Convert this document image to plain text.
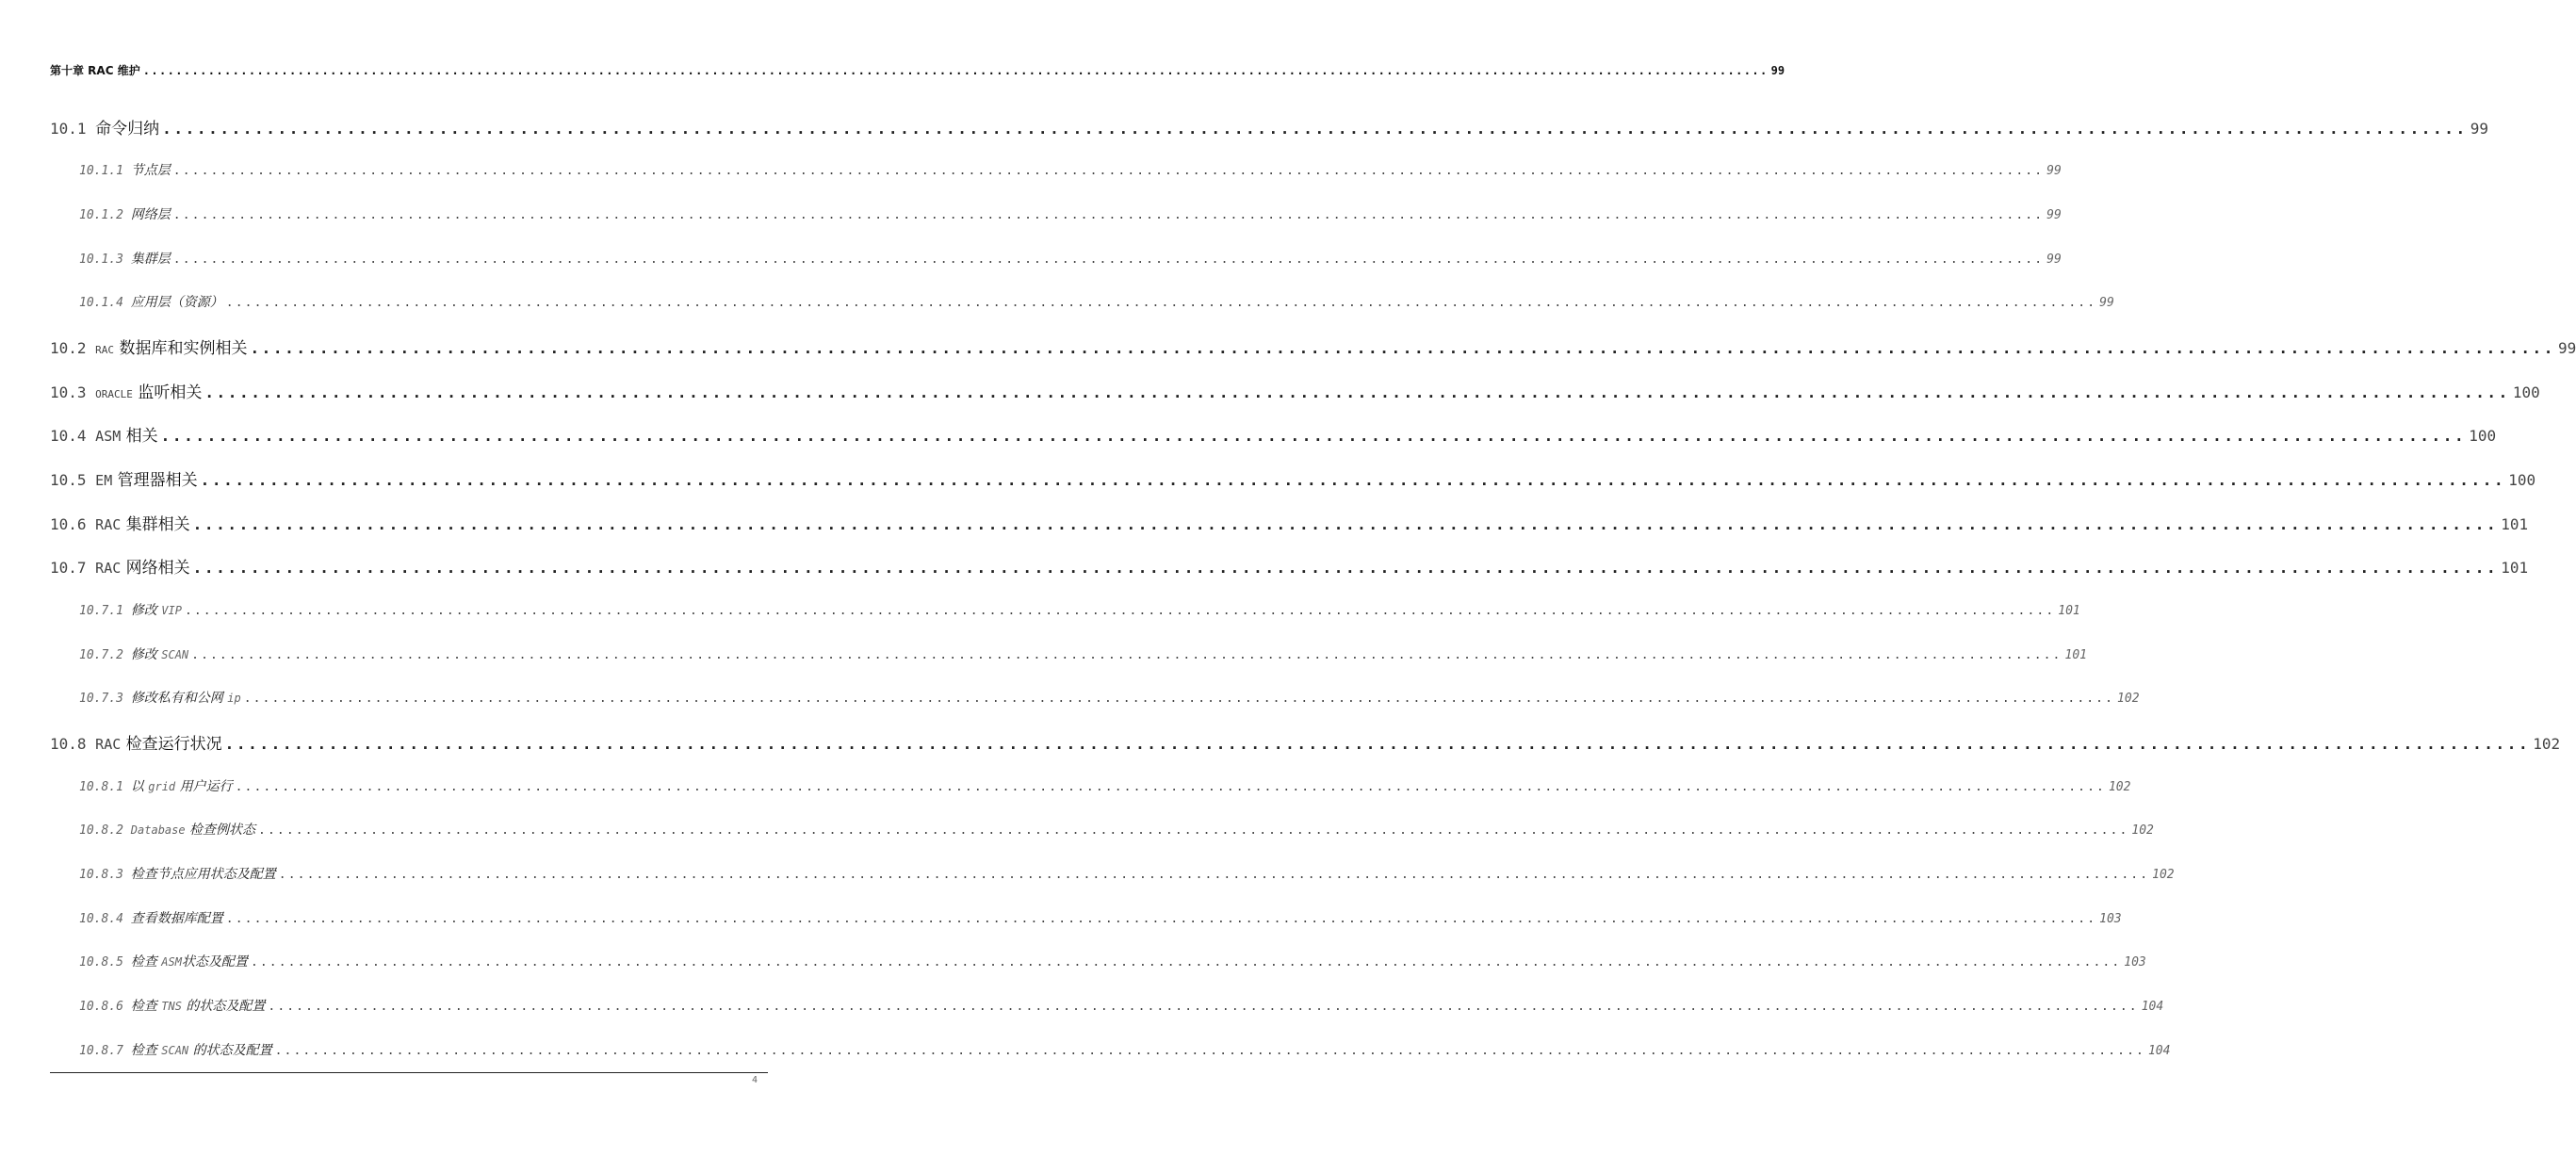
第十章 RAC 维护 ........................................................................................................................................................................................................ 99
10.1
命令归纳 ........................................................................................................................................................................................................ 99
10.1.1
节点层 ........................................................................................................................................................................................................ 99
10.1.2
网络层 ........................................................................................................................................................................................................ 99
10.1.3
集群层 ........................................................................................................................................................................................................ 99
10.1.4
应用层（资源） ........................................................................................................................................................................................................ 99
10.2
RAC 数据库和实例相关 ........................................................................................................................................................................................................ 99
10.3
ORACLE 监听相关 ........................................................................................................................................................................................................ 100
10.4
ASM 相关 ........................................................................................................................................................................................................ 100
10.5
EM 管理器相关 ........................................................................................................................................................................................................ 100
10.6
RAC 集群相关 ........................................................................................................................................................................................................ 101
10.7
RAC 网络相关 ........................................................................................................................................................................................................ 101
10.7.1
修改 VIP ........................................................................................................................................................................................................ 101
10.7.2
修改 SCAN ........................................................................................................................................................................................................ 101
10.7.3
修改私有和公网 ip ........................................................................................................................................................................................................ 102
10.8
RAC 检查运行状况 ........................................................................................................................................................................................................ 102
10.8.1
以 grid 用户运行 ........................................................................................................................................................................................................ 102
10.8.2
Database 检查例状态 ........................................................................................................................................................................................................ 102
10.8.3
检查节点应用状态及配置 ........................................................................................................................................................................................................ 102
10.8.4
查看数据库配置 ........................................................................................................................................................................................................ 103
10.8.5
检查 ASM状态及配置 ........................................................................................................................................................................................................ 103
10.8.6
检查 TNS 的状态及配置 ........................................................................................................................................................................................................ 104
10.8.7
检查 SCAN 的状态及配置 ........................................................................................................................................................................................................ 104
4
